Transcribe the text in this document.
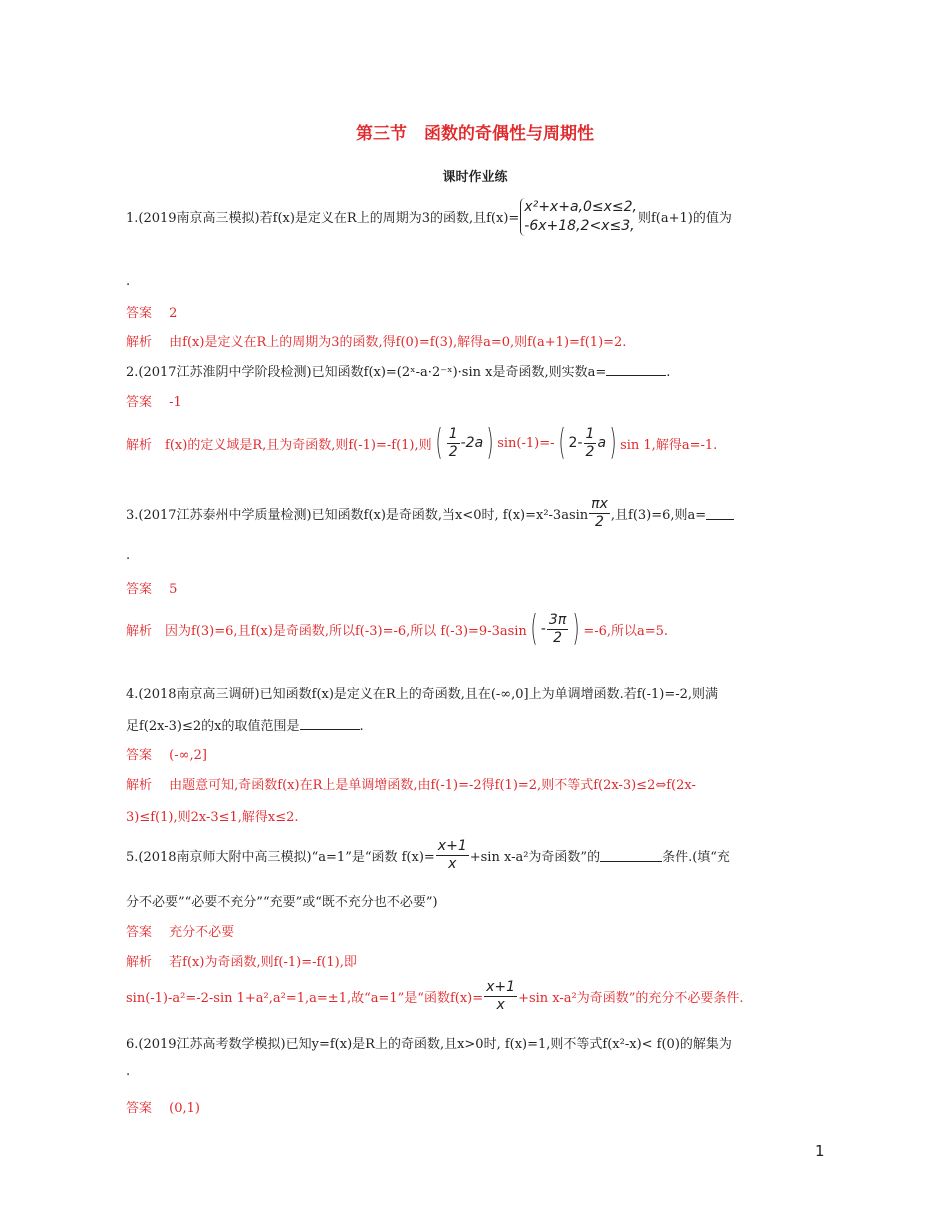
第三节　函数的奇偶性与周期性
课时作业练
1.(2019南京高三模拟)若f(x)是定义在R上的周期为3的函数,且f(x)=
x²+x+a,0≤x≤2,
-6x+18,2<x≤3, 则f(a+1)的值为
.
答案　 2
解析　 由f(x)是定义在R上的周期为3的函数,得f(0)=f(3),解得a=0,则f(a+1)=f(1)=2.
2.(2017江苏淮阴中学阶段检测)已知函数f(x)=(2ˣ-a·2⁻ˣ)·sin x是奇函数,则实数a=	.
答案　 -1
解析
　 f(x)的定义域是R,且为奇函数,则f(-1)=-f(1),则 ( $\frac{1}{2} -2a$ ) sin(-1)=- ( $2- \frac{1}{2}$ a ) sin 1,解得a=-1.
3.(2017江苏泰州中学质量检测)已知函数f(x)是奇函数,当x<0时, $f(x)=x^2-3asin \frac{\pi x}{2}$ ,且f(3)=6,则a=
.
答案　 5
解析
　 因为f(3)=6,且f(x)是奇函数,所以f(-3)=-6,所以 f(-3)=9-3asin ( - $\frac{3\pi}{2}$ ) =-6,所以a=5.
4.(2018南京高三调研)已知函数f(x)是定义在R上的奇函数,且在(-∞,0]上为单调增函数.若f(-1)=-2,则满
足f(2x-3)≤2的x的取值范围是	.
答案　 (-∞,2]
解析　 由题意可知,奇函数f(x)在R上是单调增函数,由f(-1)=-2得f(1)=2,则不等式f(2x-3)≤2⇔f(2x-
3)≤f(1),则2x-3≤1,解得x≤2.
5.(2018南京师大附中高三模拟)“a=1”是“函数 $f(x)= \frac{x+1}{x} +\sin$ x-a²为奇函数”的	条件.(填“充
分不必要”“必要不充分”“充要”或“既不充分也不必要”)
答案　 充分不必要
解析　 若f(x)为奇函数,则f(-1)=-f(1),即
sin(-1)-a²=-2-sin 1+a²,a²=1,a=±1,故“a=1”是“函数$f(x)= \frac{x+1}{x} +\sin$ x-a²为奇函数”的充分不必要条件.
6.(2019江苏高考数学模拟)已知y=f(x)是R上的奇函数,且x>0时, f(x)=1,则不等式f(x²-x)< f(0)的解集为
.
答案　 (0,1)
1
